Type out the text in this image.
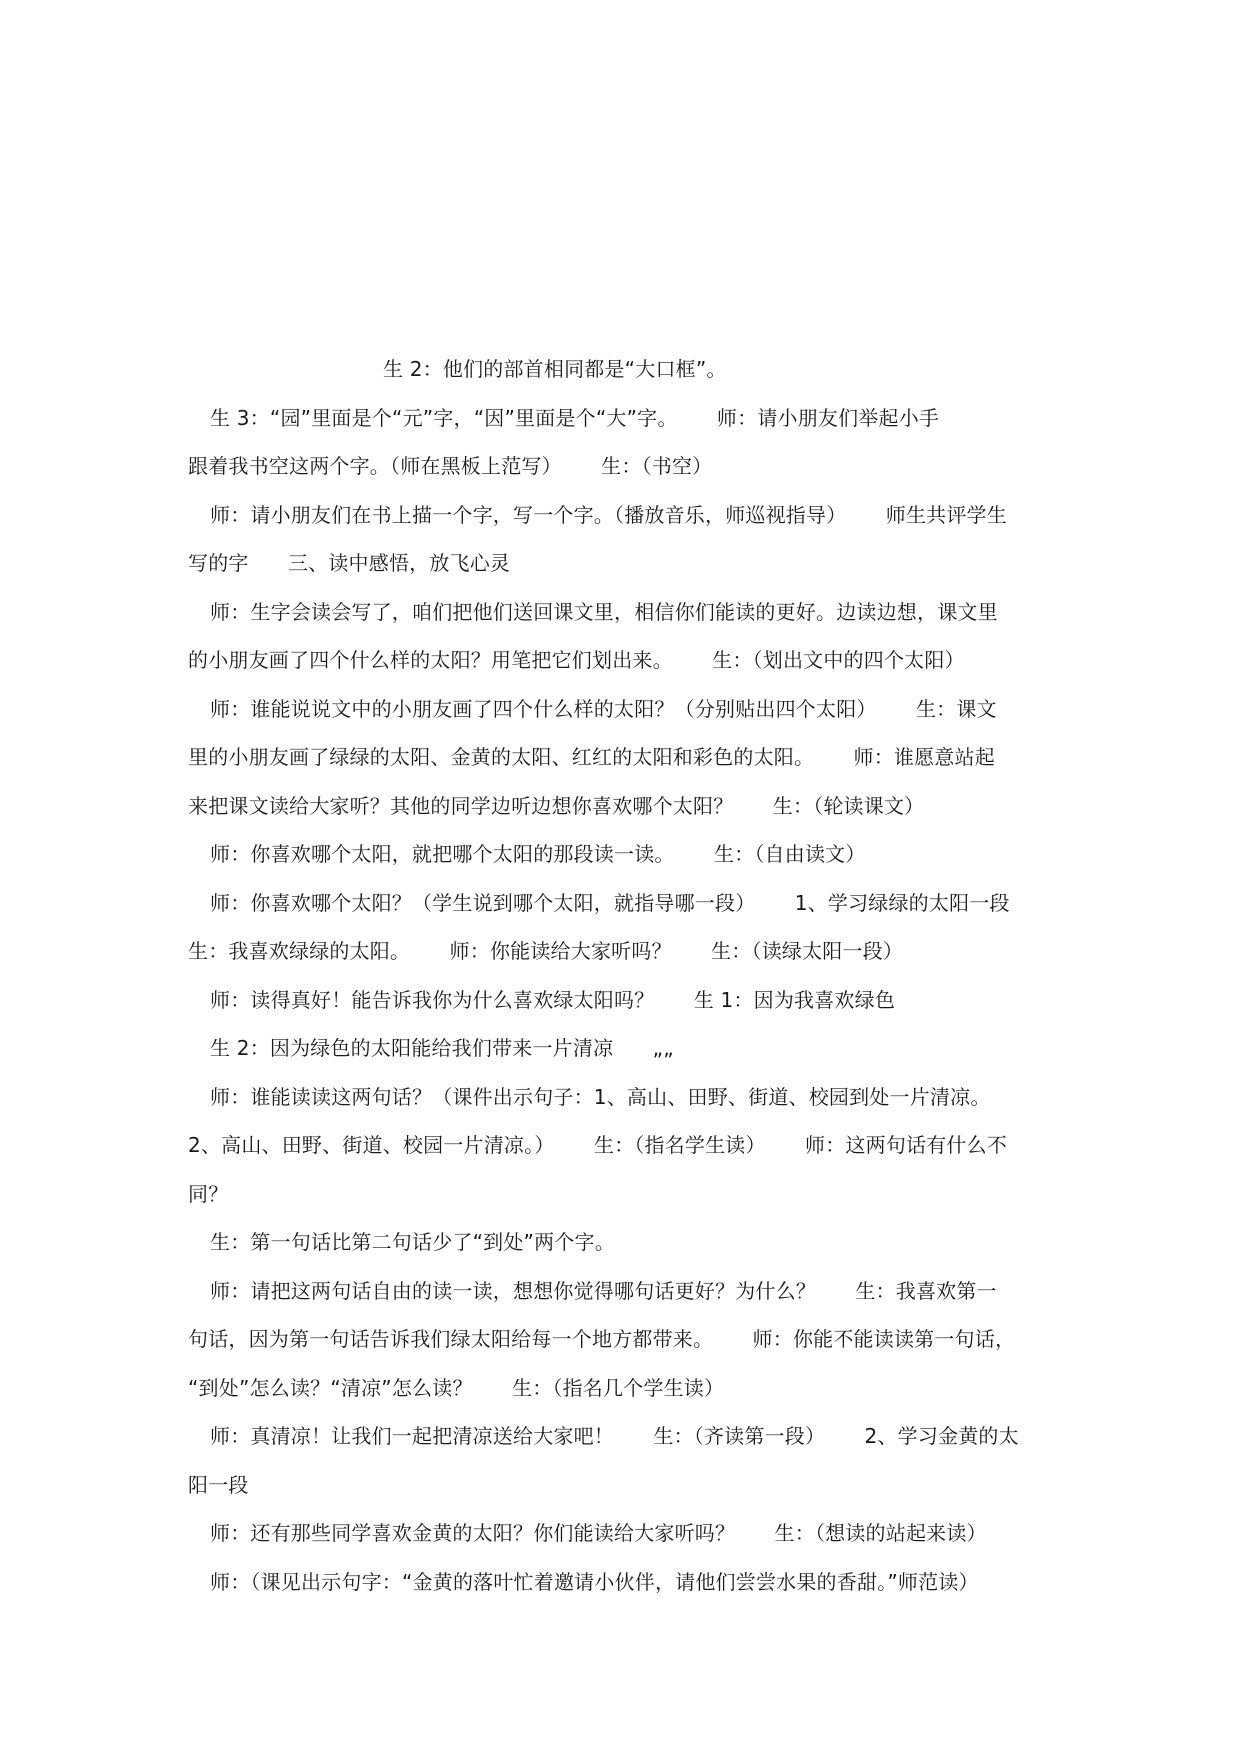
生 2：他们的部首相同都是“大口框”。
生 3：“园”里面是个“元”字，“因”里面是个“大”字。      师：请小朋友们举起小手
跟着我书空这两个字。（师在黑板上范写）      生：（书空）
师：请小朋友们在书上描一个字，写一个字。（播放音乐，师巡视指导）      师生共评学生
写的字      三、读中感悟，放飞心灵
师：生字会读会写了，咱们把他们送回课文里，相信你们能读的更好。边读边想，课文里
的小朋友画了四个什么样的太阳？用笔把它们划出来。      生：（划出文中的四个太阳）
师：谁能说说文中的小朋友画了四个什么样的太阳？（分别贴出四个太阳）      生：课文
里的小朋友画了绿绿的太阳、金黄的太阳、红红的太阳和彩色的太阳。      师：谁愿意站起
来把课文读给大家听？其他的同学边听边想你喜欢哪个太阳？      生：（轮读课文）
师：你喜欢哪个太阳，就把哪个太阳的那段读一读。      生：（自由读文）
师：你喜欢哪个太阳？（学生说到哪个太阳，就指导哪一段）      1、学习绿绿的太阳一段
生：我喜欢绿绿的太阳。      师：你能读给大家听吗？      生：（读绿太阳一段）
师：读得真好！能告诉我你为什么喜欢绿太阳吗？      生 1：因为我喜欢绿色
生 2：因为绿色的太阳能给我们带来一片清凉      „„
师：谁能读读这两句话？（课件出示句子：1、高山、田野、街道、校园到处一片清凉。
2、高山、田野、街道、校园一片清凉。）      生：（指名学生读）      师：这两句话有什么不
同？
生：第一句话比第二句话少了“到处”两个字。
师：请把这两句话自由的读一读，想想你觉得哪句话更好？为什么？      生：我喜欢第一
句话，因为第一句话告诉我们绿太阳给每一个地方都带来。      师：你能不能读读第一句话，
“到处”怎么读？“清凉”怎么读？      生：（指名几个学生读）
师：真清凉！让我们一起把清凉送给大家吧！      生：（齐读第一段）      2、学习金黄的太
阳一段
师：还有那些同学喜欢金黄的太阳？你们能读给大家听吗？      生：（想读的站起来读）
师：（课见出示句字：“金黄的落叶忙着邀请小伙伴，请他们尝尝水果的香甜。”师范读）
